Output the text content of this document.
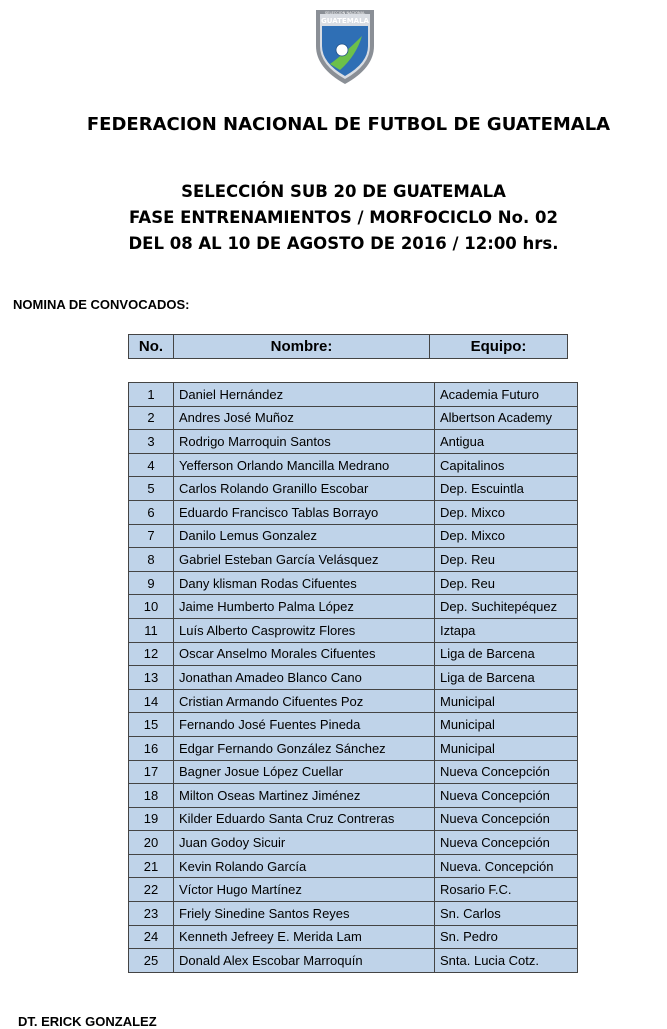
SELECCION NACIONAL
GUATEMALA
FEDERACION NACIONAL DE FUTBOL DE GUATEMALA
SELECCIÓN SUB 20 DE GUATEMALA
FASE ENTRENAMIENTOS / MORFOCICLO No. 02
DEL 08 AL 10 DE AGOSTO DE 2016 / 12:00 hrs.
NOMINA DE CONVOCADOS:
No.	Nombre:	Equipo:
1	Daniel Hernández	Academia Futuro
2	Andres José Muñoz	Albertson Academy
3	Rodrigo Marroquin Santos	Antigua
4	Yefferson Orlando Mancilla Medrano	Capitalinos
5	Carlos Rolando Granillo Escobar	Dep. Escuintla
6	Eduardo Francisco Tablas Borrayo	Dep. Mixco
7	Danilo Lemus Gonzalez	Dep. Mixco
8	Gabriel Esteban García Velásquez	Dep. Reu
9	Dany klisman Rodas Cifuentes	Dep. Reu
10	Jaime Humberto Palma López	Dep. Suchitepéquez
11	Luís Alberto Casprowitz Flores	Iztapa
12	Oscar Anselmo Morales Cifuentes	Liga de Barcena
13	Jonathan Amadeo Blanco Cano	Liga de Barcena
14	Cristian Armando Cifuentes Poz	Municipal
15	Fernando José Fuentes Pineda	Municipal
16	Edgar Fernando González Sánchez	Municipal
17	Bagner Josue López Cuellar	Nueva Concepción
18	Milton Oseas Martinez Jiménez	Nueva Concepción
19	Kilder Eduardo Santa Cruz Contreras	Nueva Concepción
20	Juan Godoy Sicuir	Nueva Concepción
21	Kevin Rolando García	Nueva. Concepción
22	Víctor Hugo Martínez	Rosario F.C.
23	Friely Sinedine Santos Reyes	Sn. Carlos
24	Kenneth Jefreey E. Merida Lam	Sn. Pedro
25	Donald Alex Escobar Marroquín	Snta. Lucia Cotz.
DT. ERICK GONZALEZ
